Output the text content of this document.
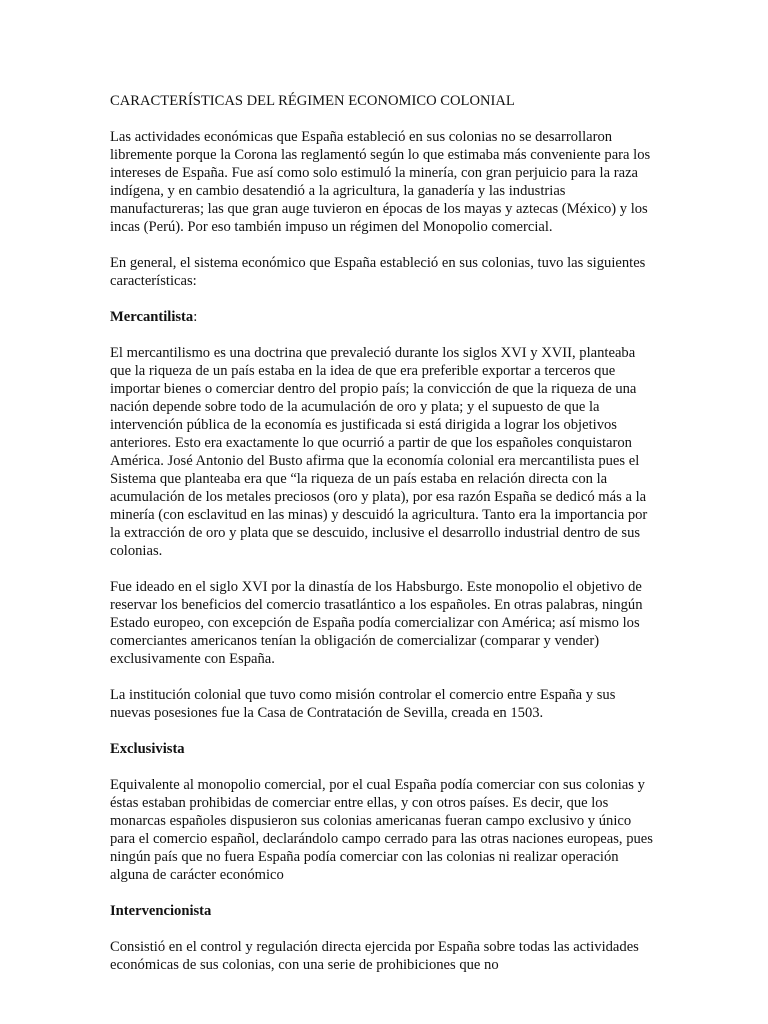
CARACTERÍSTICAS DEL RÉGIMEN ECONOMICO COLONIAL

Las actividades económicas que España estableció en sus colonias no se desarrollaron libremente porque la Corona las reglamentó según lo que estimaba más conveniente para los intereses de España. Fue así como solo estimuló la minería, con gran perjuicio para la raza indígena, y en cambio desatendió a la agricultura, la ganadería y las industrias manufactureras; las que gran auge tuvieron en épocas de los mayas y aztecas (México) y los incas (Perú). Por eso también impuso un régimen del Monopolio comercial.

En general, el sistema económico que España estableció en sus colonias, tuvo las siguientes características:

Mercantilista:

El mercantilismo es una doctrina que prevaleció durante los siglos XVI y XVII, planteaba que la riqueza de un país estaba en la idea de que era preferible exportar a terceros que importar bienes o comerciar dentro del propio país; la convicción de que la riqueza de una nación depende sobre todo de la acumulación de oro y plata; y el supuesto de que la intervención pública de la economía es justificada si está dirigida a lograr los objetivos anteriores. Esto era exactamente lo que ocurrió a partir de que los españoles conquistaron América. José Antonio del Busto afirma que la economía colonial era mercantilista pues el Sistema que planteaba era que “la riqueza de un país estaba en relación directa con la acumulación de los metales preciosos (oro y plata), por esa razón España se dedicó más a la minería (con esclavitud en las minas) y descuidó la agricultura. Tanto era la importancia por la extracción de oro y plata que se descuido, inclusive el desarrollo industrial dentro de sus colonias.

Fue ideado en el siglo XVI por la dinastía de los Habsburgo. Este monopolio el objetivo de reservar los beneficios del comercio trasatlántico a los españoles. En otras palabras, ningún Estado europeo, con excepción de España podía comercializar con América; así mismo los comerciantes americanos tenían la obligación de comercializar (comparar y vender) exclusivamente con España.

La institución colonial que tuvo como misión controlar el comercio entre España y sus nuevas posesiones fue la Casa de Contratación de Sevilla, creada en 1503.

Exclusivista

Equivalente al monopolio comercial, por el cual España podía comerciar con sus colonias y éstas estaban prohibidas de comerciar entre ellas, y con otros países. Es decir, que los monarcas españoles dispusieron sus colonias americanas fueran campo exclusivo y único para el comercio español, declarándolo campo cerrado para las otras naciones europeas, pues ningún país que no fuera España podía comerciar con las colonias ni realizar operación alguna de carácter económico

Intervencionista

Consistió en el control y regulación directa ejercida por España sobre todas las actividades económicas de sus colonias, con una serie de prohibiciones que no
